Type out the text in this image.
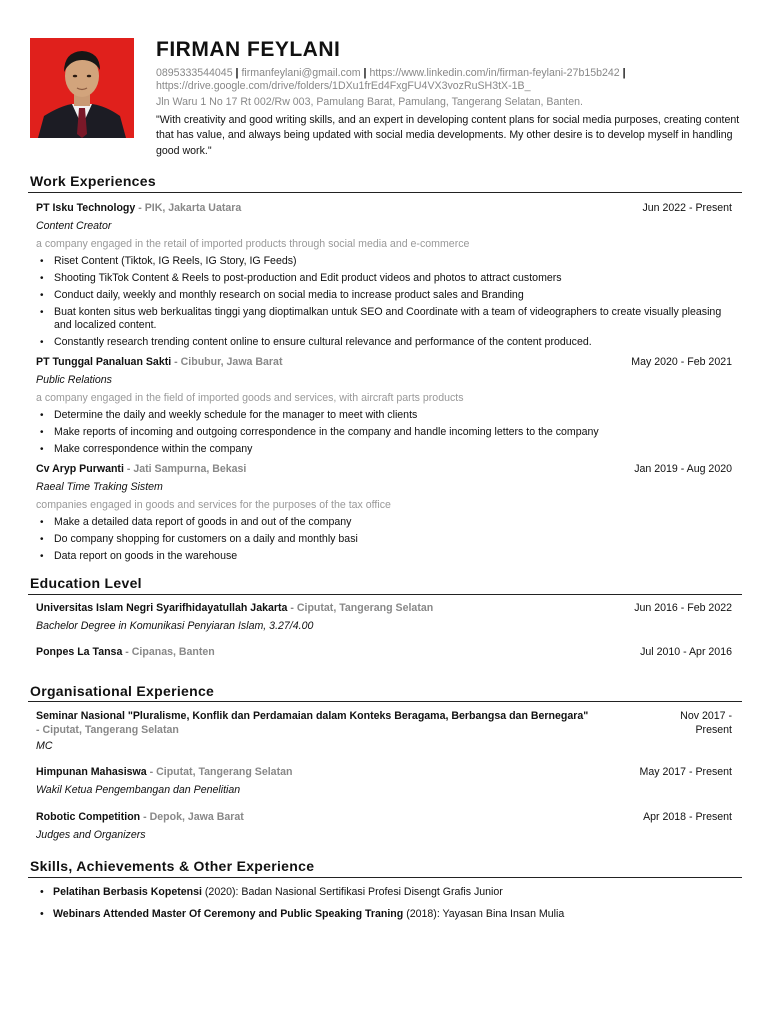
FIRMAN FEYLANI
0895333544045 | firmanfeylani@gmail.com | https://www.linkedin.com/in/firman-feylani-27b15b242 | https://drive.google.com/drive/folders/1DXu1frEd4FxgFU4VX3vozRuSH3tX-1B_
Jln Waru 1 No 17 Rt 002/Rw 003, Pamulang Barat, Pamulang, Tangerang Selatan, Banten.
"With creativity and good writing skills, and an expert in developing content plans for social media purposes, creating content that has value, and always being updated with social media developments. My other desire is to develop myself in handling good work."
Work Experiences
PT Isku Technology - PIK, Jakarta Uatara	Jun 2022 - Present
Content Creator
a company engaged in the retail of imported products through social media and e-commerce
• Riset Content (Tiktok, IG Reels, IG Story, IG Feeds)
• Shooting TikTok Content & Reels to post-production and Edit product videos and photos to attract customers
• Conduct daily, weekly and monthly research on social media to increase product sales and Branding
• Buat konten situs web berkualitas tinggi yang dioptimalkan untuk SEO and Coordinate with a team of videographers to create visually pleasing and localized content.
• Constantly research trending content online to ensure cultural relevance and performance of the content produced.
PT Tunggal Panaluan Sakti - Cibubur, Jawa Barat	May 2020 - Feb 2021
Public Relations
a company engaged in the field of imported goods and services, with aircraft parts products
• Determine the daily and weekly schedule for the manager to meet with clients
• Make reports of incoming and outgoing correspondence in the company and handle incoming letters to the company
• Make correspondence within the company
Cv Aryp Purwanti - Jati Sampurna, Bekasi	Jan 2019 - Aug 2020
Raeal Time Traking Sistem
companies engaged in goods and services for the purposes of the tax office
• Make a detailed data report of goods in and out of the company
• Do company shopping for customers on a daily and monthly basi
• Data report on goods in the warehouse
Education Level
Universitas Islam Negri Syarifhidayatullah Jakarta - Ciputat, Tangerang Selatan	Jun 2016 - Feb 2022
Bachelor Degree in Komunikasi Penyiaran Islam, 3.27/4.00
Ponpes La Tansa - Cipanas, Banten	Jul 2010 - Apr 2016
Organisational Experience
Seminar Nasional "Pluralisme, Konflik dan Perdamaian dalam Konteks Beragama, Berbangsa dan Bernegara"
- Ciputat, Tangerang Selatan
Nov 2017 -
Present
MC
Himpunan Mahasiswa - Ciputat, Tangerang Selatan	May 2017 - Present
Wakil Ketua Pengembangan dan Penelitian
Robotic Competition - Depok, Jawa Barat	Apr 2018 - Present
Judges and Organizers
Skills, Achievements & Other Experience
• Pelatihan Berbasis Kopetensi (2020): Badan Nasional Sertifikasi Profesi Disengt Grafis Junior
• Webinars Attended Master Of Ceremony and Public Speaking Traning (2018): Yayasan Bina Insan Mulia
